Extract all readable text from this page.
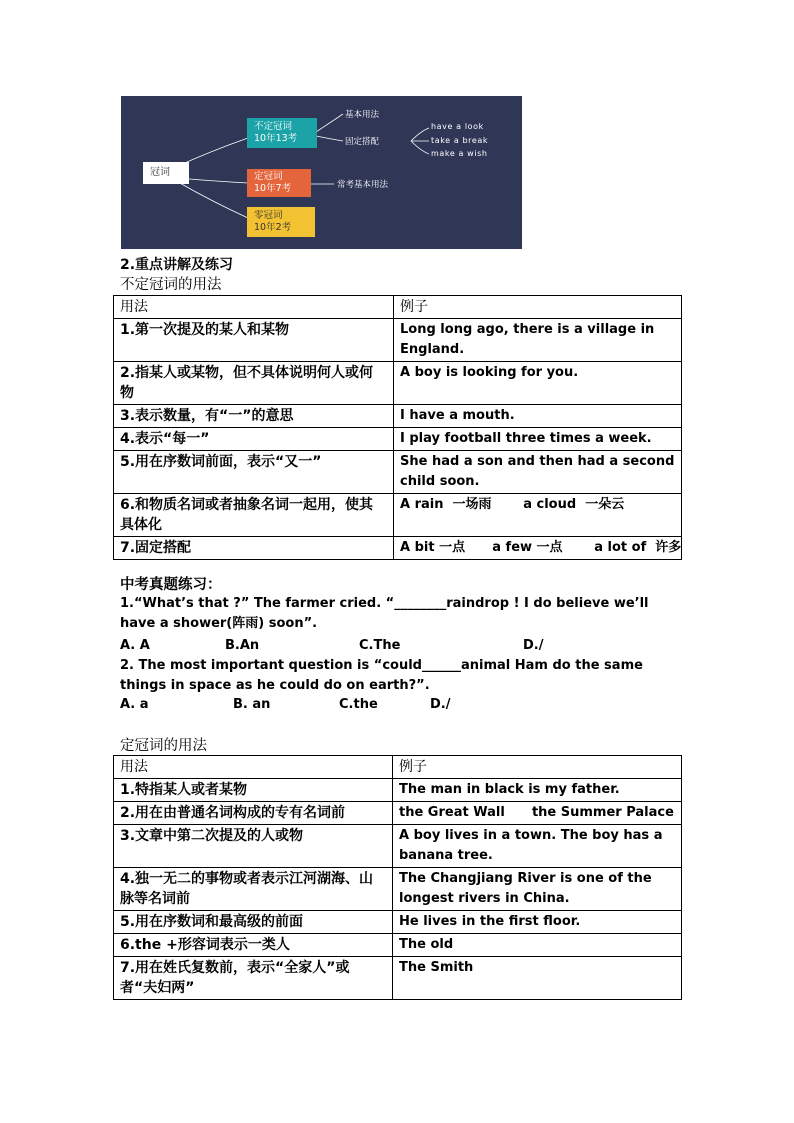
冠词
不定冠词
10年13考
定冠词
10年7考
零冠词
10年2考
基本用法
固定搭配
have a look
take a break
make a wish
常考基本用法
2.重点讲解及练习
不定冠词的用法
用法	例子
1.第一次提及的某人和某物	Long long ago, there is a village in England.
2.指某人或某物，但不具体说明何人或何物	A boy is looking for you.
3.表示数量，有“一”的意思	I have a mouth.
4.表示“每一”	I play football three times a week.
5.用在序数词前面，表示“又一”	She had a son and then had a second child soon.
6.和物质名词或者抽象名词一起用，使其具体化	A rain  一场雨       a cloud  一朵云
7.固定搭配	A bit 一点      a few 一点       a lot of  许多
中考真题练习：
1.“What’s that ?” The farmer cried. “________raindrop ! I do believe we’ll have a shower(阵雨) soon”.
A. A	B.An	C.The	D./
2. The most important question is “could______animal Ham do the same things in space as he could do on earth?”.
A. a	B. an	C.the	D./
定冠词的用法
用法	例子
1.特指某人或者某物	The man in black is my father.
2.用在由普通名词构成的专有名词前	the Great Wall      the Summer Palace
3.文章中第二次提及的人或物	A boy lives in a town. The boy has a banana tree.
4.独一无二的事物或者表示江河湖海、山脉等名词前	The Changjiang River is one of the longest rivers in China.
5.用在序数词和最高级的前面	He lives in the first floor.
6.the +形容词表示一类人	The old
7.用在姓氏复数前，表示“全家人”或者“夫妇两”	The Smith
